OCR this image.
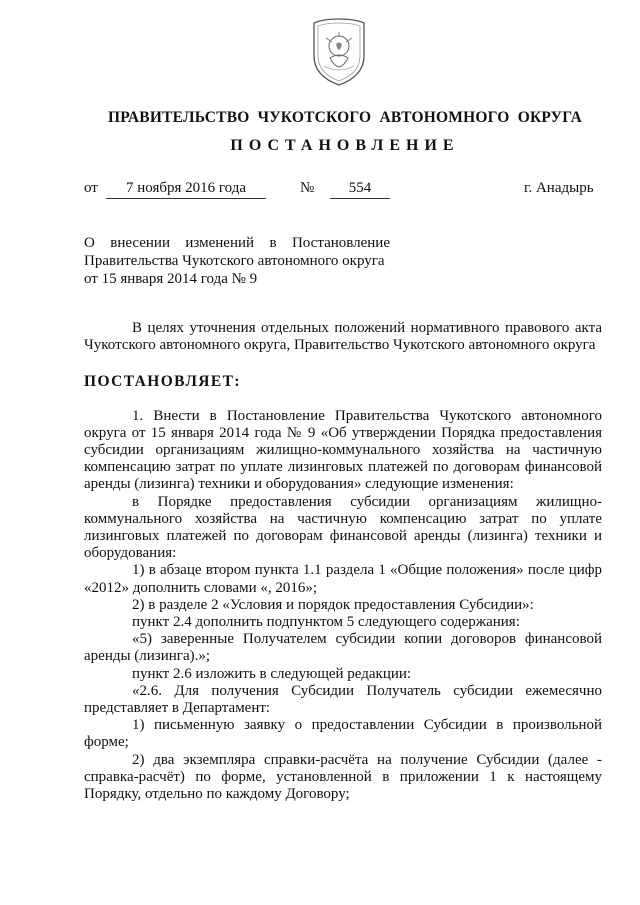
ПРАВИТЕЛЬСТВО  ЧУКОТСКОГО  АВТОНОМНОГО  ОКРУГА
ПОСТАНОВЛЕНИЕ
от	7 ноября 2016 года	№	554	г. Анадырь
О внесении изменений в Постановление
Правительства Чукотского автономного округа
от 15 января 2014 года № 9

В целях уточнения отдельных положений нормативного правового акта Чукотского автономного округа, Правительство Чукотского автономного округа

ПОСТАНОВЛЯЕТ:

1. Внести в Постановление Правительства Чукотского автономного округа от 15 января 2014 года № 9 «Об утверждении Порядка предоставления субсидии организациям жилищно-коммунального хозяйства на частичную компенсацию затрат по уплате лизинговых платежей по договорам финансовой аренды (лизинга) техники и оборудования» следующие изменения:

в Порядке предоставления субсидии организациям жилищно-коммунального хозяйства на частичную компенсацию затрат по уплате лизинговых платежей по договорам финансовой аренды (лизинга) техники и оборудования:

1) в абзаце втором пункта 1.1 раздела 1 «Общие положения» после цифр «2012» дополнить словами «, 2016»;

2) в разделе 2 «Условия и порядок предоставления Субсидии»:

пункт 2.4 дополнить подпунктом 5 следующего содержания:

«5) заверенные Получателем субсидии копии договоров финансовой аренды (лизинга).»;

пункт 2.6 изложить в следующей редакции:

«2.6. Для получения Субсидии Получатель субсидии ежемесячно представляет в Департамент:

1) письменную заявку о предоставлении Субсидии в произвольной форме;

2) два экземпляра справки-расчёта на получение Субсидии (далее - справка-расчёт) по форме, установленной в приложении 1 к настоящему Порядку, отдельно по каждому Договору;
